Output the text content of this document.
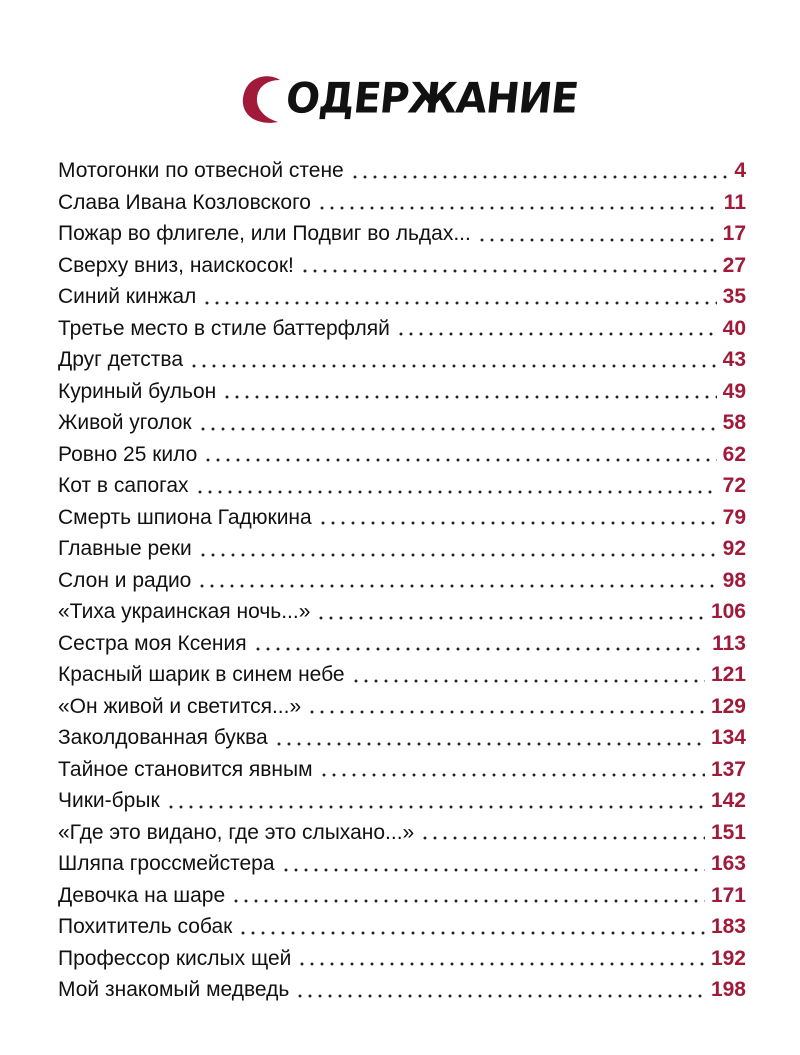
ОДЕРЖАНИЕ
Мотогонки по отвесной стене	4
Слава Ивана Козловского	11
Пожар во флигеле, или Подвиг во льдах...	17
Сверху вниз, наискосок!	27
Синий кинжал	35
Третье место в стиле баттерфляй	40
Друг детства	43
Куриный бульон	49
Живой уголок	58
Ровно 25 кило	62
Кот в сапогах	72
Смерть шпиона Гадюкина	79
Главные реки	92
Слон и радио	98
«Тиха украинская ночь...»	106
Сестра моя Ксения	113
Красный шарик в синем небе	121
«Он живой и светится...»	129
Заколдованная буква	134
Тайное становится явным	137
Чики-брык	142
«Где это видано, где это слыхано...»	151
Шляпа гроссмейстера	163
Девочка на шаре	171
Похититель собак	183
Профессор кислых щей	192
Мой знакомый медведь	198
